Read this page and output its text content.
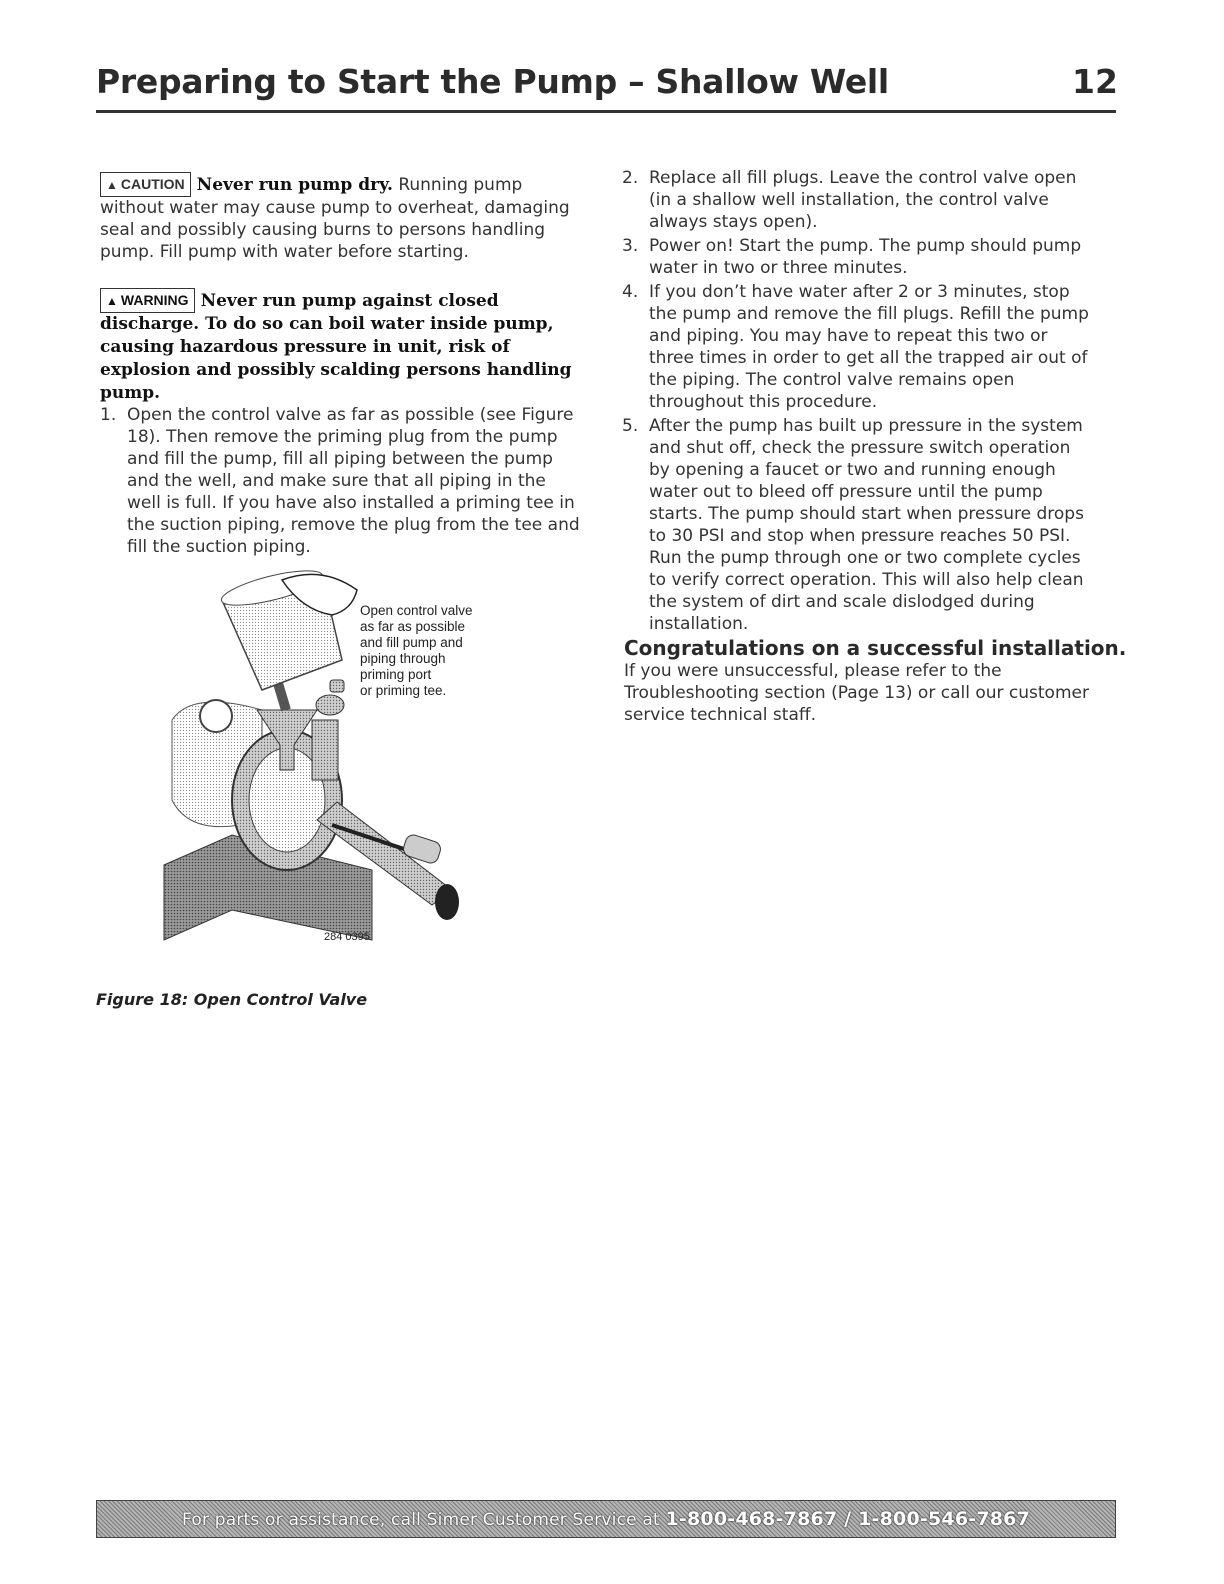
Preparing to Start the Pump – Shallow Well	12
▲ CAUTION Never run pump dry. Running pump without water may cause pump to overheat, damaging seal and possibly causing burns to persons handling pump. Fill pump with water before starting.
▲ WARNING Never run pump against closed discharge. To do so can boil water inside pump, causing hazardous pressure in unit, risk of explosion and possibly scalding persons handling pump.
1. Open the control valve as far as possible (see Figure 18). Then remove the priming plug from the pump and fill the pump, fill all piping between the pump and the well, and make sure that all piping in the well is full. If you have also installed a priming tee in the suction piping, remove the plug from the tee and fill the suction piping.
Open control valve
as far as possible
and fill pump and
piping through
priming port
or priming tee.
284 0395
Figure 18: Open Control Valve
2. Replace all fill plugs. Leave the control valve open (in a shallow well installation, the control valve always stays open).
3. Power on! Start the pump. The pump should pump water in two or three minutes.
4. If you don’t have water after 2 or 3 minutes, stop the pump and remove the fill plugs. Refill the pump and piping. You may have to repeat this two or three times in order to get all the trapped air out of the piping. The control valve remains open throughout this procedure.
5. After the pump has built up pressure in the system and shut off, check the pressure switch operation by opening a faucet or two and running enough water out to bleed off pressure until the pump starts. The pump should start when pressure drops to 30 PSI and stop when pressure reaches 50 PSI. Run the pump through one or two complete cycles to verify correct operation. This will also help clean the system of dirt and scale dislodged during installation.
Congratulations on a successful installation.
If you were unsuccessful, please refer to the Troubleshooting section (Page 13) or call our customer service technical staff.
For parts or assistance, call Simer Customer Service at 1-800-468-7867 / 1-800-546-7867
